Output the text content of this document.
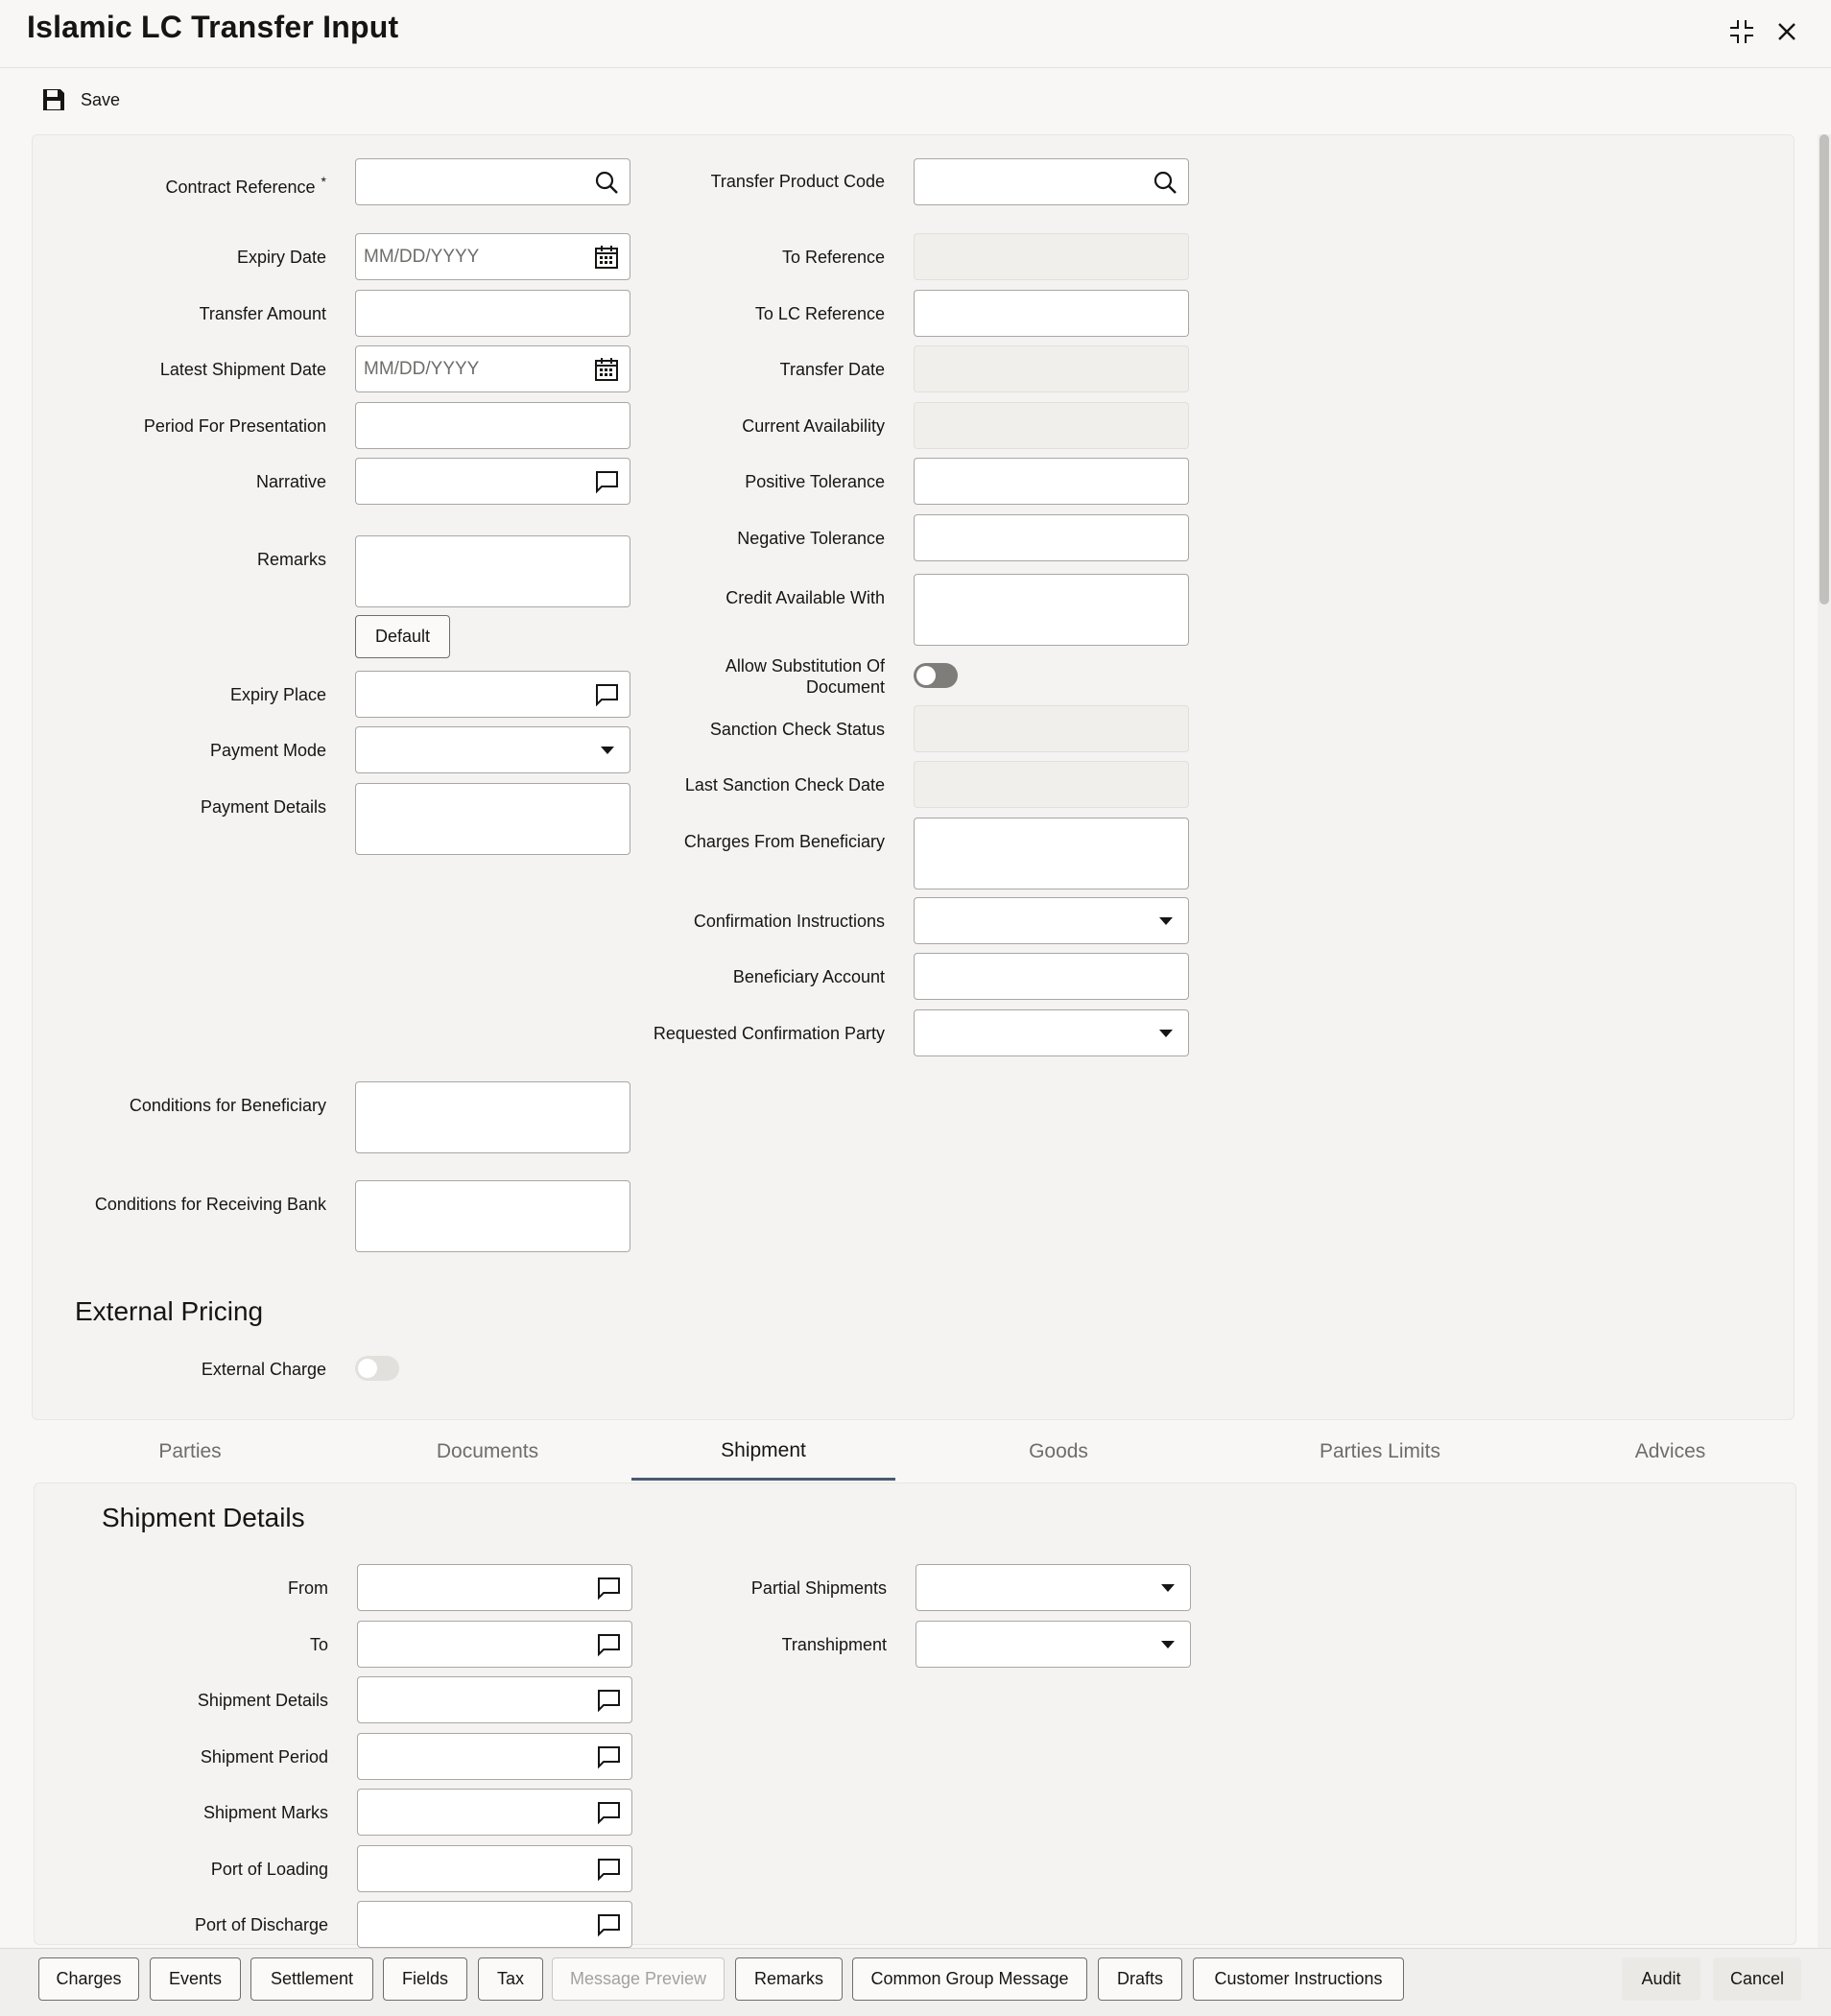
Islamic LC Transfer Input
Save
Contract Reference *
Expiry Date MM/DD/YYYY
Transfer Amount
Latest Shipment Date MM/DD/YYYY
Period For Presentation
Narrative
Remarks
Default
Expiry Place
Payment Mode
Payment Details
Conditions for Beneficiary
Conditions for Receiving Bank
Transfer Product Code
To Reference
To LC Reference
Transfer Date
Current Availability
Positive Tolerance
Negative Tolerance
Credit Available With
Allow Substitution Of
Document
Sanction Check Status
Last Sanction Check Date
Charges From Beneficiary
Confirmation Instructions
Beneficiary Account
Requested Confirmation Party
External Pricing
External Charge
Parties	Documents	Shipment	Goods	Parties Limits	Advices
Shipment Details
From
To
Shipment Details
Shipment Period
Shipment Marks
Port of Loading
Port of Discharge
Partial Shipments
Transhipment
Charges	Events	Settlement	Fields	Tax	Message Preview	Remarks	Common Group Message	Drafts	Customer Instructions	Audit	Cancel
